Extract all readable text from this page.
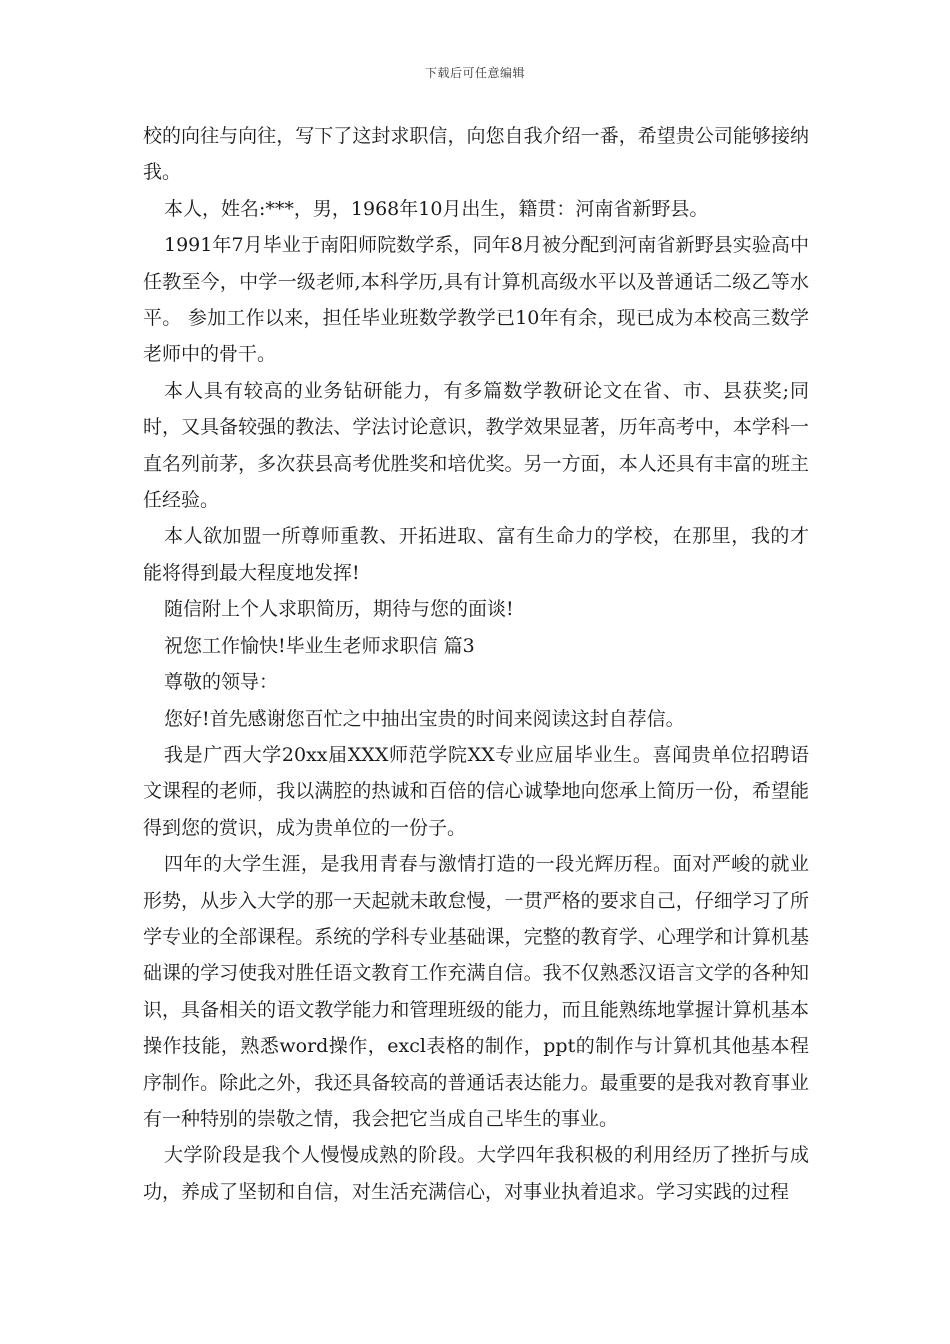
下载后可任意编辑

校的向往与向往，写下了这封求职信，向您自我介绍一番，希望贵公司能够接纳我。

本人，姓名:***，男，1968年10月出生，籍贯：河南省新野县。

1991年7月毕业于南阳师院数学系，同年8月被分配到河南省新野县实验高中任教至今，中学一级老师,本科学历,具有计算机高级水平以及普通话二级乙等水平。 参加工作以来，担任毕业班数学教学已10年有余，现已成为本校高三数学老师中的骨干。

本人具有较高的业务钻研能力，有多篇数学教研论文在省、市、县获奖;同时，又具备较强的教法、学法讨论意识，教学效果显著，历年高考中，本学科一直名列前茅，多次获县高考优胜奖和培优奖。另一方面，本人还具有丰富的班主任经验。

本人欲加盟一所尊师重教、开拓进取、富有生命力的学校，在那里，我的才能将得到最大程度地发挥!

随信附上个人求职简历，期待与您的面谈!

祝您工作愉快!毕业生老师求职信 篇3

尊敬的领导：

您好!首先感谢您百忙之中抽出宝贵的时间来阅读这封自荐信。

我是广西大学20xx届XXX师范学院XX专业应届毕业生。喜闻贵单位招聘语文课程的老师，我以满腔的热诚和百倍的信心诚挚地向您承上简历一份，希望能得到您的赏识，成为贵单位的一份子。

四年的大学生涯，是我用青春与激情打造的一段光辉历程。面对严峻的就业形势，从步入大学的那一天起就未敢怠慢，一贯严格的要求自己，仔细学习了所学专业的全部课程。系统的学科专业基础课，完整的教育学、心理学和计算机基础课的学习使我对胜任语文教育工作充满自信。我不仅熟悉汉语言文学的各种知识，具备相关的语文教学能力和管理班级的能力，而且能熟练地掌握计算机基本操作技能，熟悉word操作，excl表格的制作，ppt的制作与计算机其他基本程序制作。除此之外，我还具备较高的普通话表达能力。最重要的是我对教育事业有一种特别的崇敬之情，我会把它当成自己毕生的事业。

大学阶段是我个人慢慢成熟的阶段。大学四年我积极的利用经历了挫折与成功，养成了坚韧和自信，对生活充满信心，对事业执着追求。学习实践的过程
